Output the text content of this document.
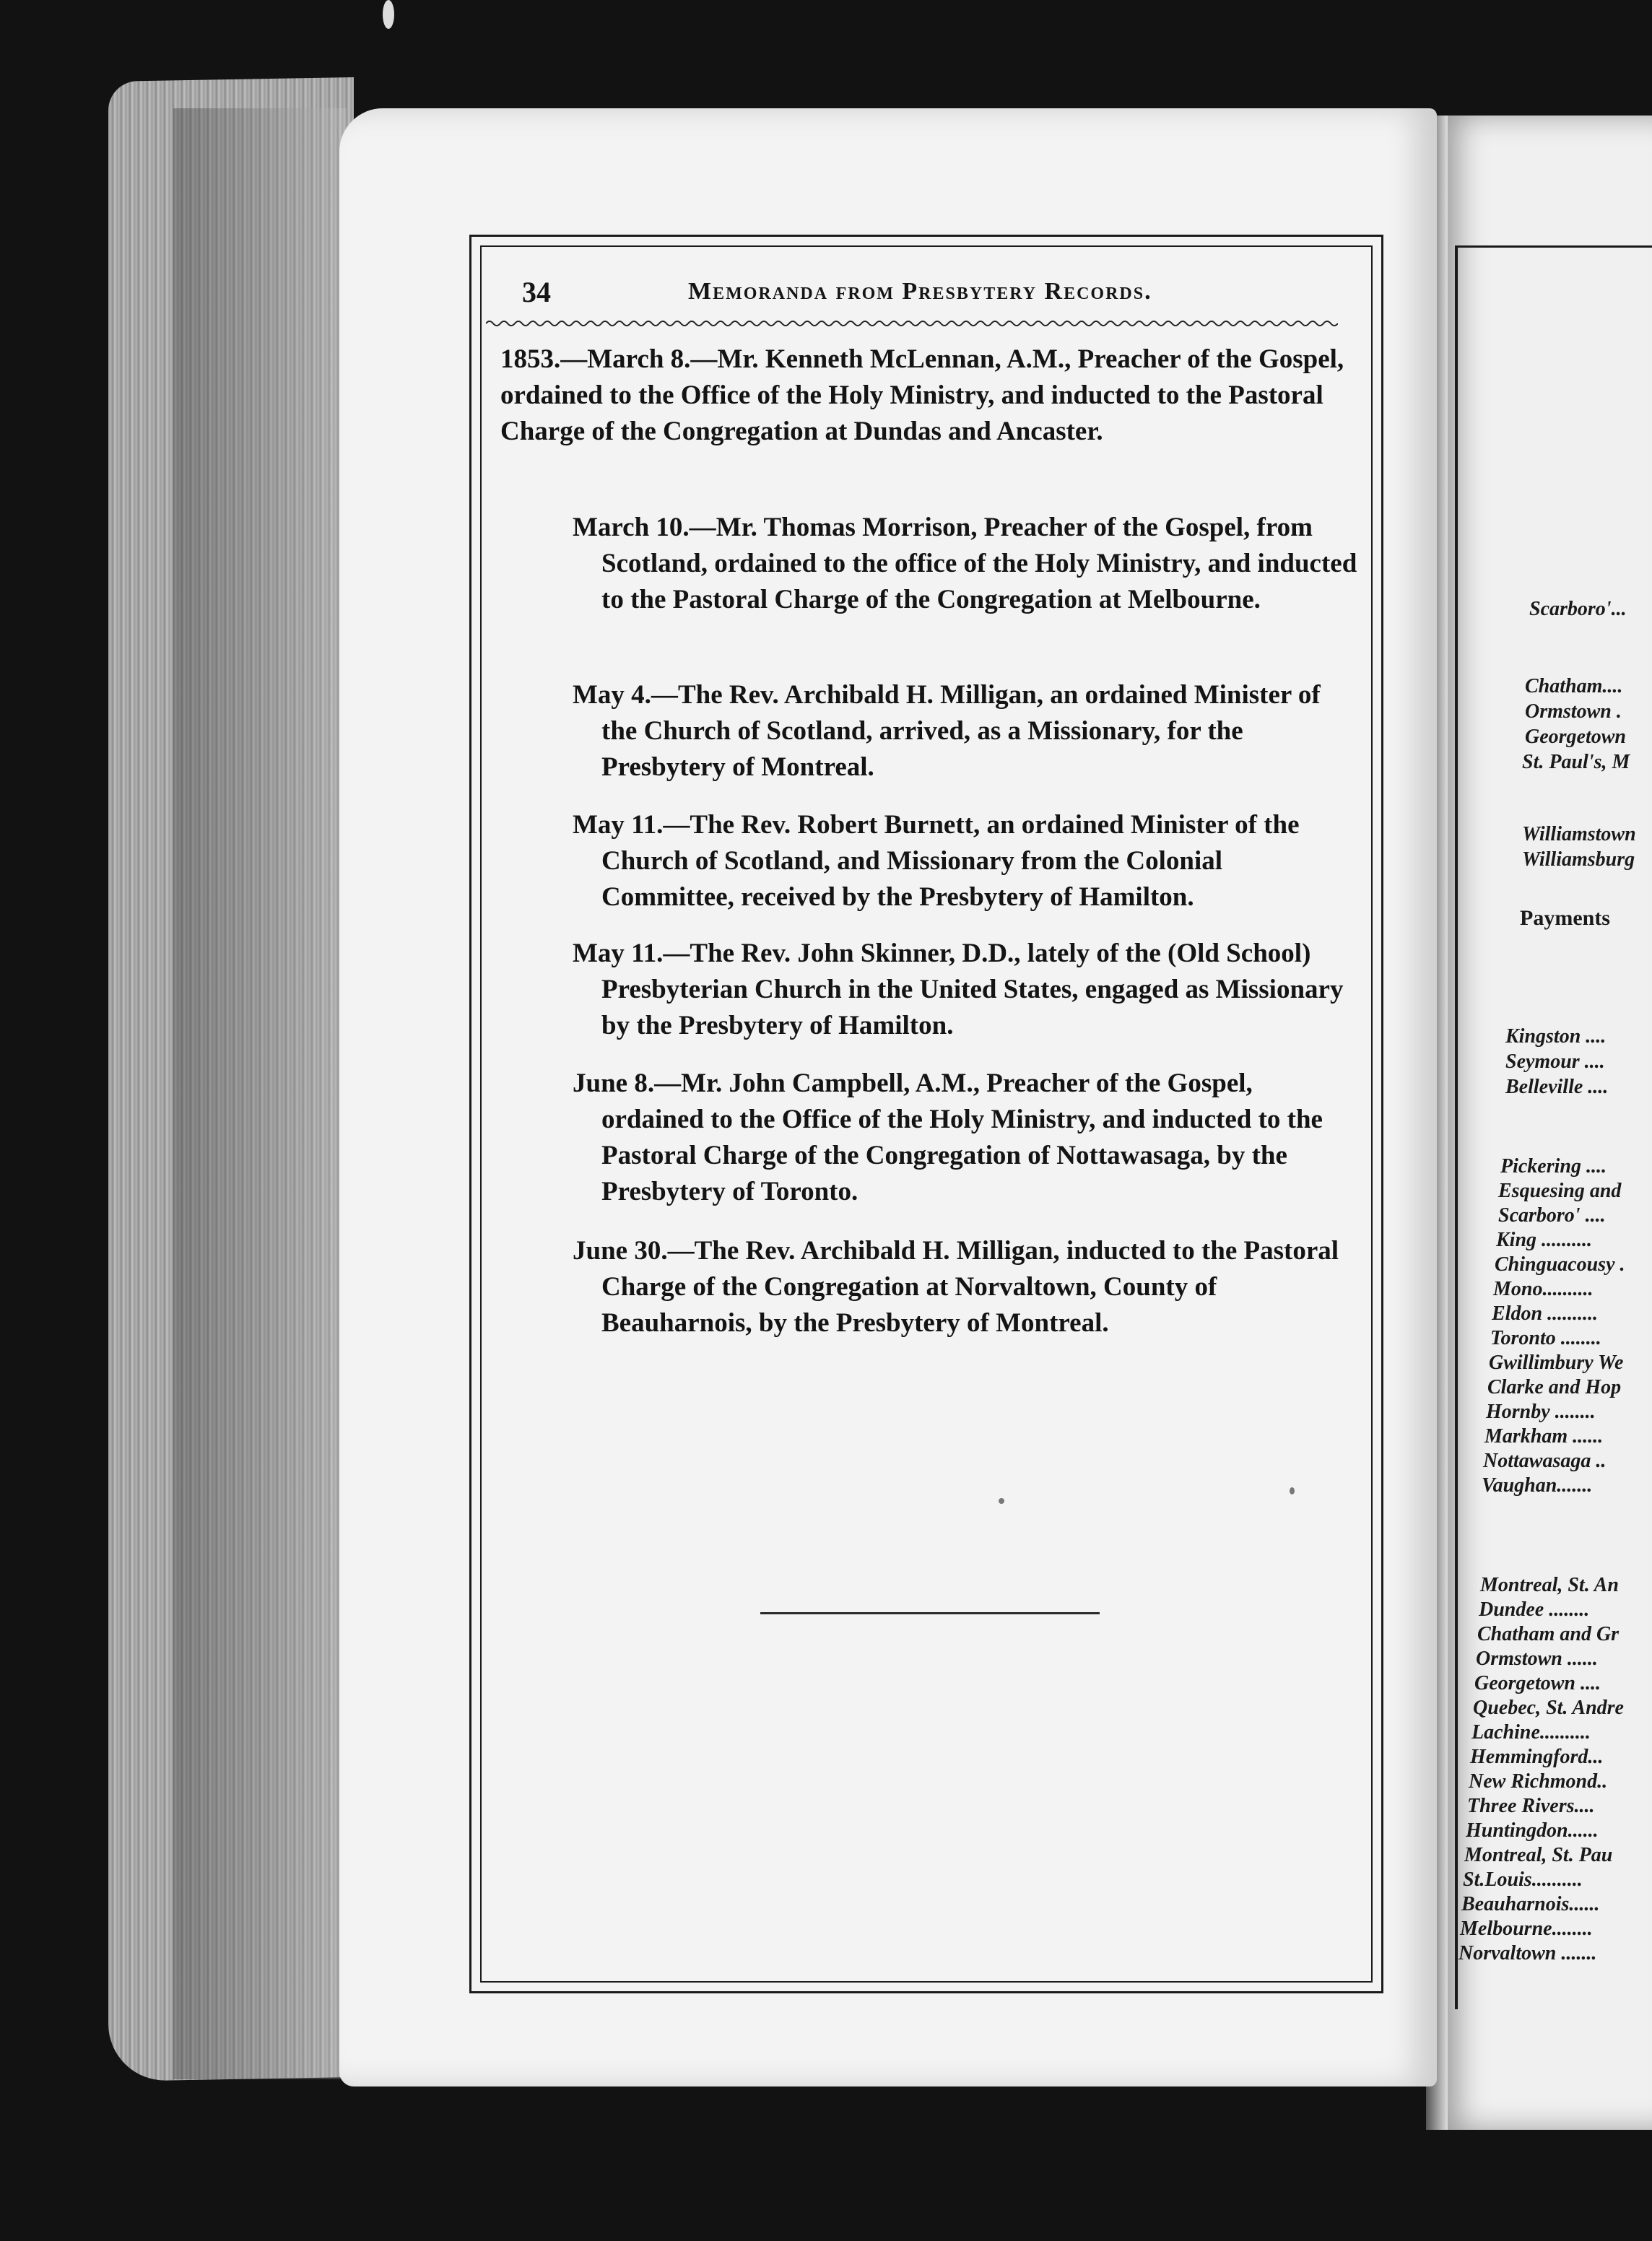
34	Memoranda from Presbytery Records.

1853.—March 8.—Mr. Kenneth McLennan, A.M., Preacher of the Gospel, ordained to the Office of the Holy Ministry, and inducted to the Pastoral Charge of the Congregation at Dundas and Ancaster.

March 10.—Mr. Thomas Morrison, Preacher of the Gospel, from Scotland, ordained to the office of the Holy Ministry, and inducted to the Pastoral Charge of the Congregation at Melbourne.

May 4.—The Rev. Archibald H. Milligan, an ordained Minister of the Church of Scotland, arrived, as a Missionary, for the Presbytery of Montreal.

May 11.—The Rev. Robert Burnett, an ordained Minister of the Church of Scotland, and Missionary from the Colonial Committee, received by the Presbytery of Hamilton.

May 11.—The Rev. John Skinner, D.D., lately of the (Old School) Presbyterian Church in the United States, engaged as Missionary by the Presbytery of Hamilton.

June 8.—Mr. John Campbell, A.M., Preacher of the Gospel, ordained to the Office of the Holy Ministry, and inducted to the Pastoral Charge of the Congregation of Nottawasaga, by the Presbytery of Toronto.

June 30.—The Rev. Archibald H. Milligan, inducted to the Pastoral Charge of the Congregation at Norvaltown, County of Beauharnois, by the Presbytery of Montreal.

Scarboro'...
Chatham....
Ormstown .
Georgetown
St. Paul's, M
Williamstown
Williamsburg
Payments
Kingston ....
Seymour ....
Belleville ....
Pickering ....
Esquesing and
Scarboro' ....
King ..........
Chinguacousy .
Mono..........
Eldon ..........
Toronto ........
Gwillimbury We
Clarke and Hop
Hornby ........
Markham ......
Nottawasaga ..
Vaughan.......
Montreal, St. An
Dundee ........
Chatham and Gr
Ormstown ......
Georgetown ....
Quebec, St. Andre
Lachine..........
Hemmingford...
New Richmond..
Three Rivers....
Huntingdon......
Montreal, St. Pau
St.Louis..........
Beauharnois......
Melbourne........
Norvaltown .......
